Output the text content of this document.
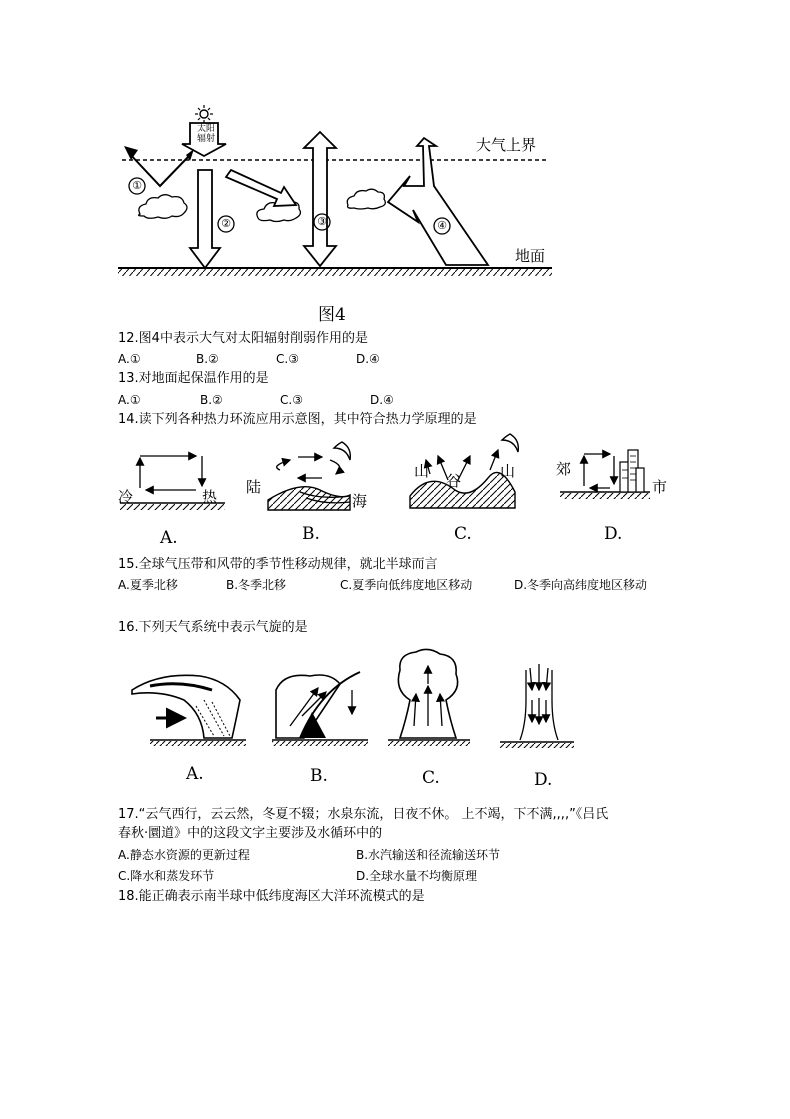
太阳辐射	大气上界
地面
①
②	③	④
图4
12.图4中表示大气对太阳辐射削弱作用的是
A.①	B.②	C.③	D.④
13.对地面起保温作用的是
A.①	B.②	C.③	D.④
14.读下列各种热力环流应用示意图，其中符合热力学原理的是
冷	热
陆
海
山
谷
山	郊
市
A.	B.	C.	D.
15.全球气压带和风带的季节性移动规律，就北半球而言
A.夏季北移	B.冬季北移	C.夏季向低纬度地区移动	D.冬季向高纬度地区移动
16.下列天气系统中表示气旋的是
A.	B.	C.	D.
17.“云气西行，云云然，冬夏不辍；水泉东流，日夜不休。 上不竭，下不满,,,,”《吕氏
春秋·圜道》中的这段文字主要涉及水循环中的
A.静态水资源的更新过程	B.水汽输送和径流输送环节
C.降水和蒸发环节	D.全球水量不均衡原理
18.能正确表示南半球中低纬度海区大洋环流模式的是
